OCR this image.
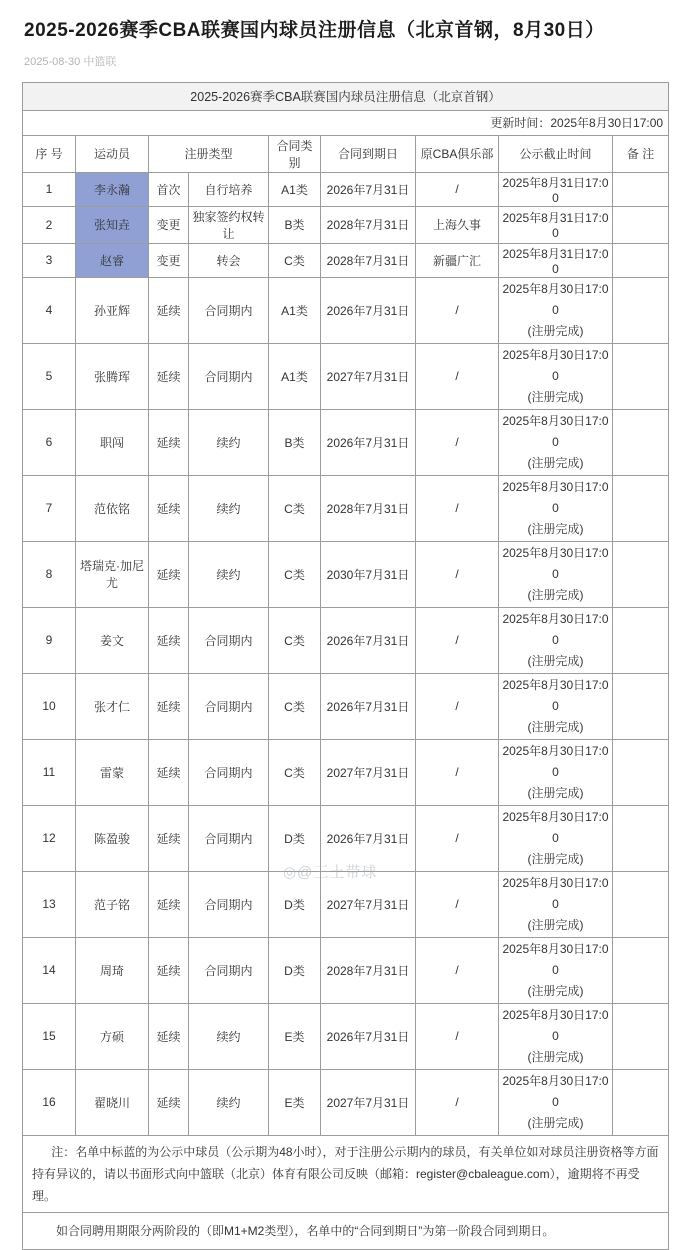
2025-2026赛季CBA联赛国内球员注册信息（北京首钢，8月30日）
2025-08-30 中篮联
2025-2026赛季CBA联赛国内球员注册信息（北京首钢）								
更新时间：2025年8月30日17:00								
序 号	运动员	注册类型		合同类别	合同到期日	原CBA俱乐部	公示截止时间	备 注
1	李永瀚	首次	自行培养	A1类	2026年7月31日	/	2025年8月31日17:00	

2	张知垚	变更	独家签约权转让	B类	2028年7月31日	上海久事	2025年8月31日17:00	

3	赵睿	变更	转会	C类	2028年7月31日	新疆广汇	2025年8月31日17:00	

4	孙亚辉	延续	合同期内	A1类	2026年7月31日	/	2025年8月30日17:00
(注册完成)	

5	张腾珲	延续	合同期内	A1类	2027年7月31日	/	2025年8月30日17:00
(注册完成)	

6	职闯	延续	续约	B类	2026年7月31日	/	2025年8月30日17:00
(注册完成)	

7	范依铭	延续	续约	C类	2028年7月31日	/	2025年8月30日17:00
(注册完成)	

8	塔瑞克·加尼尤	延续	续约	C类	2030年7月31日	/	2025年8月30日17:00
(注册完成)	

9	姜文	延续	合同期内	C类	2026年7月31日	/	2025年8月30日17:00
(注册完成)	

10	张才仁	延续	合同期内	C类	2026年7月31日	/	2025年8月30日17:00
(注册完成)	

11	雷蒙	延续	合同期内	C类	2027年7月31日	/	2025年8月30日17:00
(注册完成)	

12	陈盈骏	延续	合同期内	D类	2026年7月31日	/	2025年8月30日17:00
(注册完成)	

13	范子铭	延续	合同期内	D类	2027年7月31日	/	2025年8月30日17:00
(注册完成)	

14	周琦	延续	合同期内	D类	2028年7月31日	/	2025年8月30日17:00
(注册完成)	

15	方硕	延续	续约	E类	2026年7月31日	/	2025年8月30日17:00
(注册完成)	

16	翟晓川	延续	续约	E类	2027年7月31日	/	2025年8月30日17:00
(注册完成)	

注：名单中标蓝的为公示中球员（公示期为48小时），对于注册公示期内的球员，有关单位如对球员注册资格等方面持有异议的，请以书面形式向中篮联（北京）体育有限公司反映（邮箱：register@cbaleague.com），逾期将不再受理。								
如合同聘用期限分两阶段的（即M1+M2类型），名单中的“合同到期日”为第一阶段合同到期日。								
◎@三土带球
